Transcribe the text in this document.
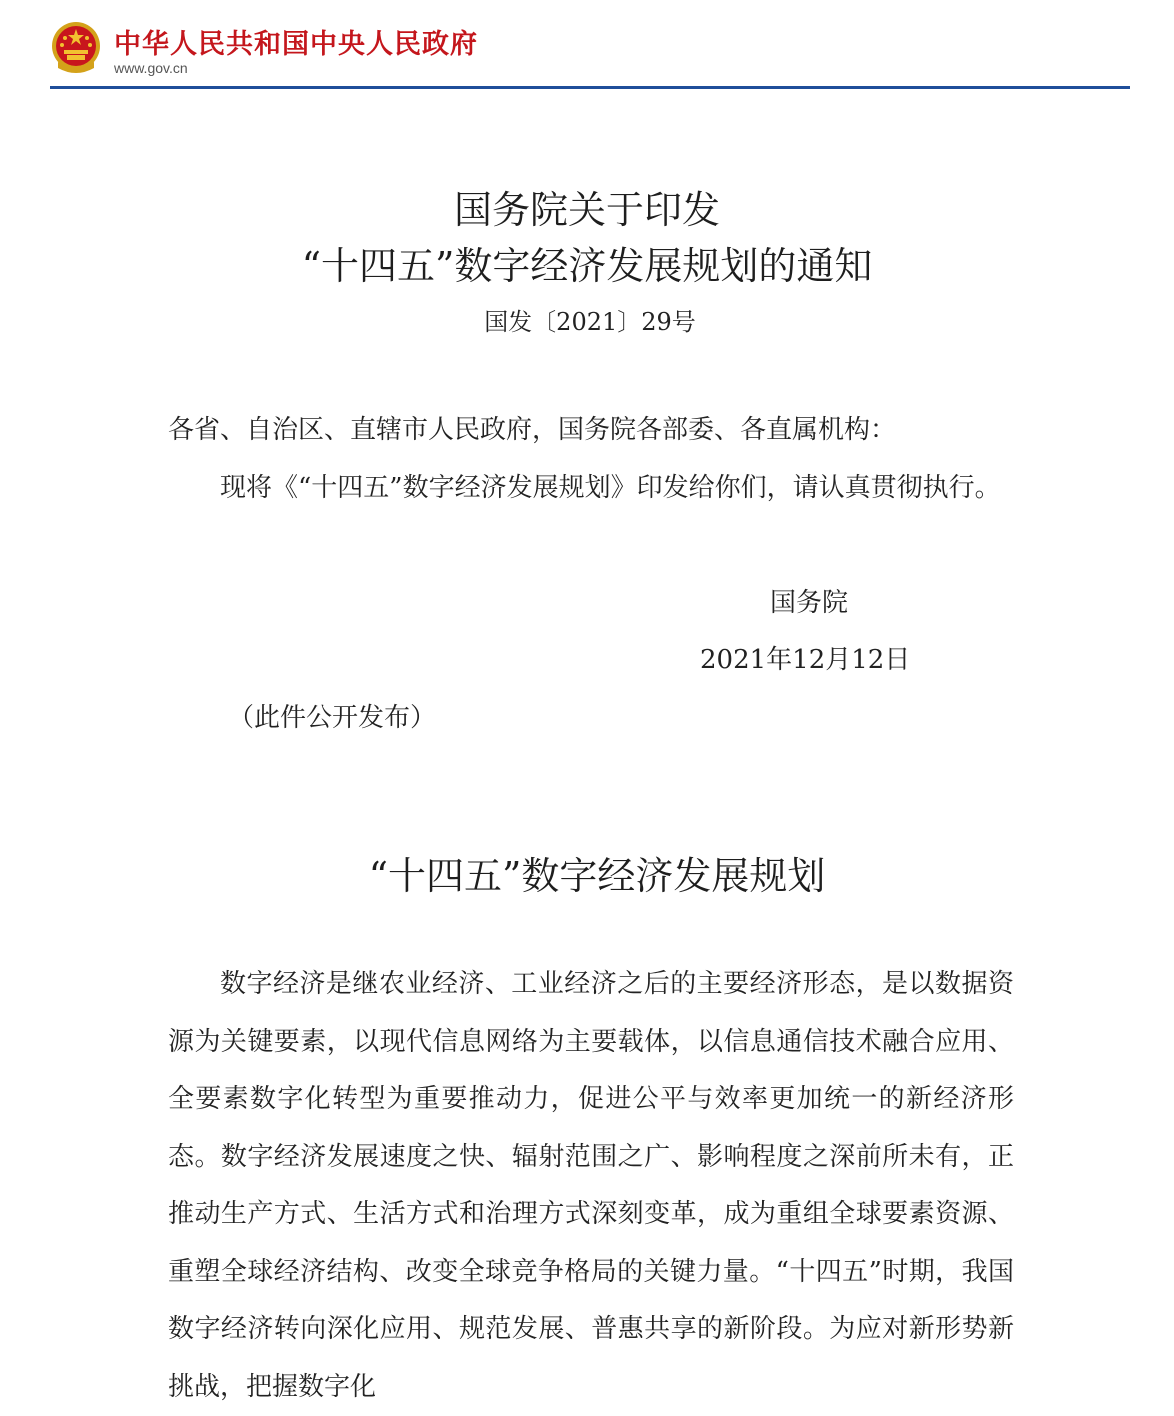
中华人民共和国中央人民政府
www.gov.cn
国务院关于印发
“十四五”数字经济发展规划的通知
国发〔2021〕29号
各省、自治区、直辖市人民政府，国务院各部委、各直属机构：
现将《“十四五”数字经济发展规划》印发给你们，请认真贯彻执行。
国务院
2021年12月12日
（此件公开发布）
“十四五”数字经济发展规划
数字经济是继农业经济、工业经济之后的主要经济形态，是以数据资源为关键要素，以现代信息网络为主要载体，以信息通信技术融合应用、全要素数字化转型为重要推动力，促进公平与效率更加统一的新经济形态。数字经济发展速度之快、辐射范围之广、影响程度之深前所未有，正推动生产方式、生活方式和治理方式深刻变革，成为重组全球要素资源、重塑全球经济结构、改变全球竞争格局的关键力量。“十四五”时期，我国数字经济转向深化应用、规范发展、普惠共享的新阶段。为应对新形势新挑战，把握数字化
